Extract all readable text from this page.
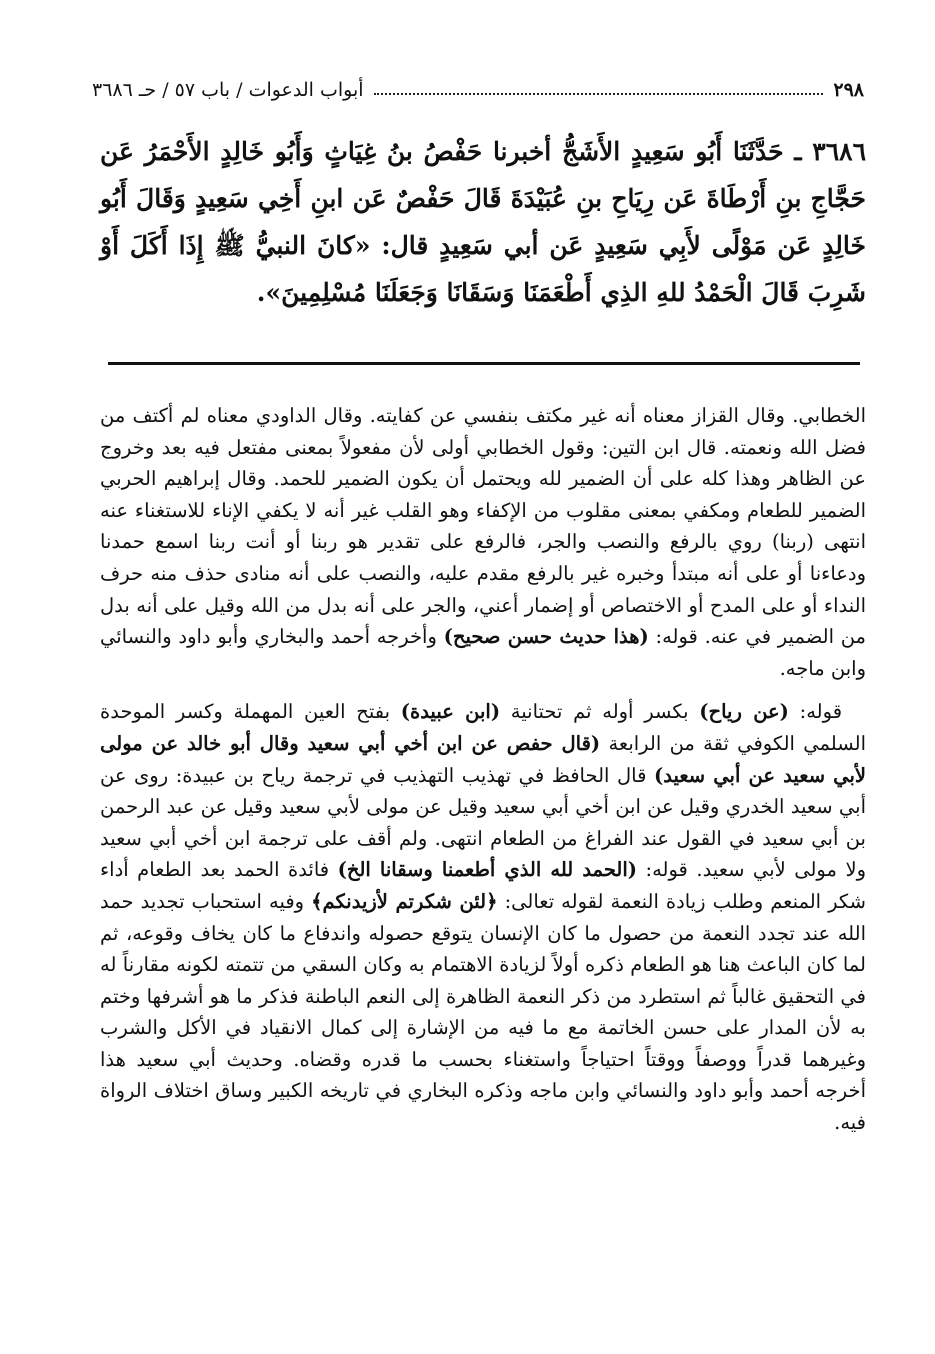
٢٩٨
أبواب الدعوات / باب ٥٧ / حـ ٣٦٨٦
٣٦٨٦ ـ حَدَّثَنَا أَبُو سَعِيدٍ الأَشَجُّ أخبرنا حَفْصُ بنُ غِيَاثٍ وَأَبُو خَالِدٍ الأَحْمَرُ عَن حَجَّاجِ بنِ أَرْطَاةَ عَن رِيَاحِ بنِ عُبَيْدَةَ قَالَ حَفْصٌ عَن ابنِ أَخِي سَعِيدٍ وَقَالَ أَبُو خَالِدٍ عَن مَوْلًى لأَبِي سَعِيدٍ عَن أبي سَعِيدٍ قال: «كانَ النبيُّ ﷺ إِذَا أَكَلَ أَوْ شَرِبَ قَالَ الْحَمْدُ للهِ الذِي أَطْعَمَنَا وَسَقَانَا وَجَعَلَنَا مُسْلِمِينَ».

الخطابي. وقال القزاز معناه أنه غير مكتف بنفسي عن كفايته. وقال الداودي معناه لم أكتف من فضل الله ونعمته. قال ابن التين: وقول الخطابي أولى لأن مفعولاً بمعنى مفتعل فيه بعد وخروج عن الظاهر وهذا كله على أن الضمير لله ويحتمل أن يكون الضمير للحمد. وقال إبراهيم الحربي الضمير للطعام ومكفي بمعنى مقلوب من الإكفاء وهو القلب غير أنه لا يكفي الإناء للاستغناء عنه انتهى (ربنا) روي بالرفع والنصب والجر، فالرفع على تقدير هو ربنا أو أنت ربنا اسمع حمدنا ودعاءنا أو على أنه مبتدأ وخبره غير بالرفع مقدم عليه، والنصب على أنه منادى حذف منه حرف النداء أو على المدح أو الاختصاص أو إضمار أعني، والجر على أنه بدل من الله وقيل على أنه بدل من الضمير في عنه. قوله: (هذا حديث حسن صحيح) وأخرجه أحمد والبخاري وأبو داود والنسائي وابن ماجه.

قوله: (عن رياح) بكسر أوله ثم تحتانية (ابن عبيدة) بفتح العين المهملة وكسر الموحدة السلمي الكوفي ثقة من الرابعة (قال حفص عن ابن أخي أبي سعيد وقال أبو خالد عن مولى لأبي سعيد عن أبي سعيد) قال الحافظ في تهذيب التهذيب في ترجمة رياح بن عبيدة: روى عن أبي سعيد الخدري وقيل عن ابن أخي أبي سعيد وقيل عن مولى لأبي سعيد وقيل عن عبد الرحمن بن أبي سعيد في القول عند الفراغ من الطعام انتهى. ولم أقف على ترجمة ابن أخي أبي سعيد ولا مولى لأبي سعيد. قوله: (الحمد لله الذي أطعمنا وسقانا الخ) فائدة الحمد بعد الطعام أداء شكر المنعم وطلب زيادة النعمة لقوله تعالى: ﴿لئن شكرتم لأزيدنكم﴾ وفيه استحباب تجديد حمد الله عند تجدد النعمة من حصول ما كان الإنسان يتوقع حصوله واندفاع ما كان يخاف وقوعه، ثم لما كان الباعث هنا هو الطعام ذكره أولاً لزيادة الاهتمام به وكان السقي من تتمته لكونه مقارناً له في التحقيق غالباً ثم استطرد من ذكر النعمة الظاهرة إلى النعم الباطنة فذكر ما هو أشرفها وختم به لأن المدار على حسن الخاتمة مع ما فيه من الإشارة إلى كمال الانقياد في الأكل والشرب وغيرهما قدراً ووصفاً ووقتاً احتياجاً واستغناء بحسب ما قدره وقضاه. وحديث أبي سعيد هذا أخرجه أحمد وأبو داود والنسائي وابن ماجه وذكره البخاري في تاريخه الكبير وساق اختلاف الرواة فيه.
